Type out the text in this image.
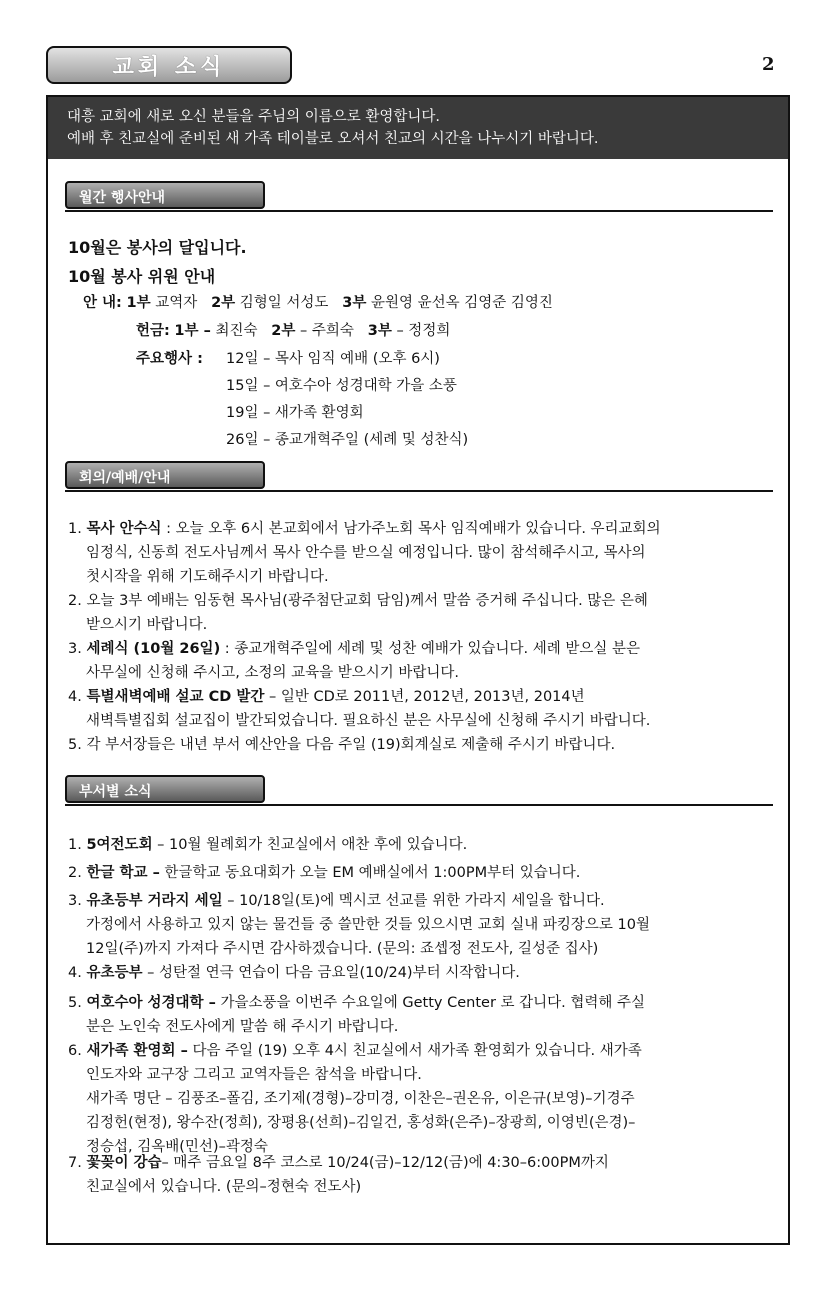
교회 소식	2
대흥 교회에 새로 오신 분들을 주님의 이름으로 환영합니다.
예배 후 친교실에 준비된 새 가족 테이블로 오셔서 친교의 시간을 나누시기 바랍니다.
월간 행사안내
10월은 봉사의 달입니다.
10월 봉사 위원 안내
안 내: 1부 교역자 2부 김형일 서성도 3부 윤원영 윤선옥 김영준 김영진
헌금: 1부 – 최진숙 2부 – 주희숙 3부 – 정정희
주요행사 : 12일 – 목사 임직 예배 (오후 6시)
15일 – 여호수아 성경대학 가을 소풍
19일 – 새가족 환영회
26일 – 종교개혁주일 (세례 및 성찬식)
회의/예배/안내
1. 목사 안수식 : 오늘 오후 6시 본교회에서 남가주노회 목사 임직예배가 있습니다. 우리교회의
임정식, 신동희 전도사님께서 목사 안수를 받으실 예정입니다. 많이 참석해주시고, 목사의
첫시작을 위해 기도해주시기 바랍니다.
2. 오늘 3부 예배는 임동현 목사님(광주첨단교회 담임)께서 말씀 증거해 주십니다. 많은 은혜
받으시기 바랍니다.
3. 세례식 (10월 26일) : 종교개혁주일에 세례 및 성찬 예배가 있습니다. 세례 받으실 분은
사무실에 신청해 주시고, 소정의 교육을 받으시기 바랍니다.
4. 특별새벽예배 설교 CD 발간 – 일반 CD로 2011년, 2012년, 2013년, 2014년
새벽특별집회 설교집이 발간되었습니다. 필요하신 분은 사무실에 신청해 주시기 바랍니다.
5. 각 부서장들은 내년 부서 예산안을 다음 주일 (19)회계실로 제출해 주시기 바랍니다.
부서별 소식
1. 5여전도회 – 10월 월례회가 친교실에서 애찬 후에 있습니다.
2. 한글 학교 – 한글학교 동요대회가 오늘 EM 예배실에서 1:00PM부터 있습니다.
3. 유초등부 거라지 세일 – 10/18일(토)에 멕시코 선교를 위한 가라지 세일을 합니다.
가정에서 사용하고 있지 않는 물건들 중 쓸만한 것들 있으시면 교회 실내 파킹장으로 10월
12일(주)까지 가져다 주시면 감사하겠습니다. (문의: 죠셉정 전도사, 길성준 집사)
4. 유초등부 – 성탄절 연극 연습이 다음 금요일(10/24)부터 시작합니다.
5. 여호수아 성경대학 – 가을소풍을 이번주 수요일에 Getty Center 로 갑니다. 협력해 주실
분은 노인숙 전도사에게 말씀 해 주시기 바랍니다.
6. 새가족 환영회 – 다음 주일 (19) 오후 4시 친교실에서 새가족 환영회가 있습니다. 새가족
인도자와 교구장 그리고 교역자들은 참석을 바랍니다.
새가족 명단 – 김풍조–폴김, 조기제(경형)–강미경, 이찬은–권온유, 이은규(보영)–기경주
김정헌(현정), 왕수잔(정희), 장평용(선희)–김일건, 홍성화(은주)–장광희, 이영빈(은경)–
정승섭, 김옥배(민선)–곽정숙
7. 꽃꽂이 강습– 매주 금요일 8주 코스로 10/24(금)–12/12(금)에 4:30–6:00PM까지
친교실에서 있습니다. (문의–정현숙 전도사)
